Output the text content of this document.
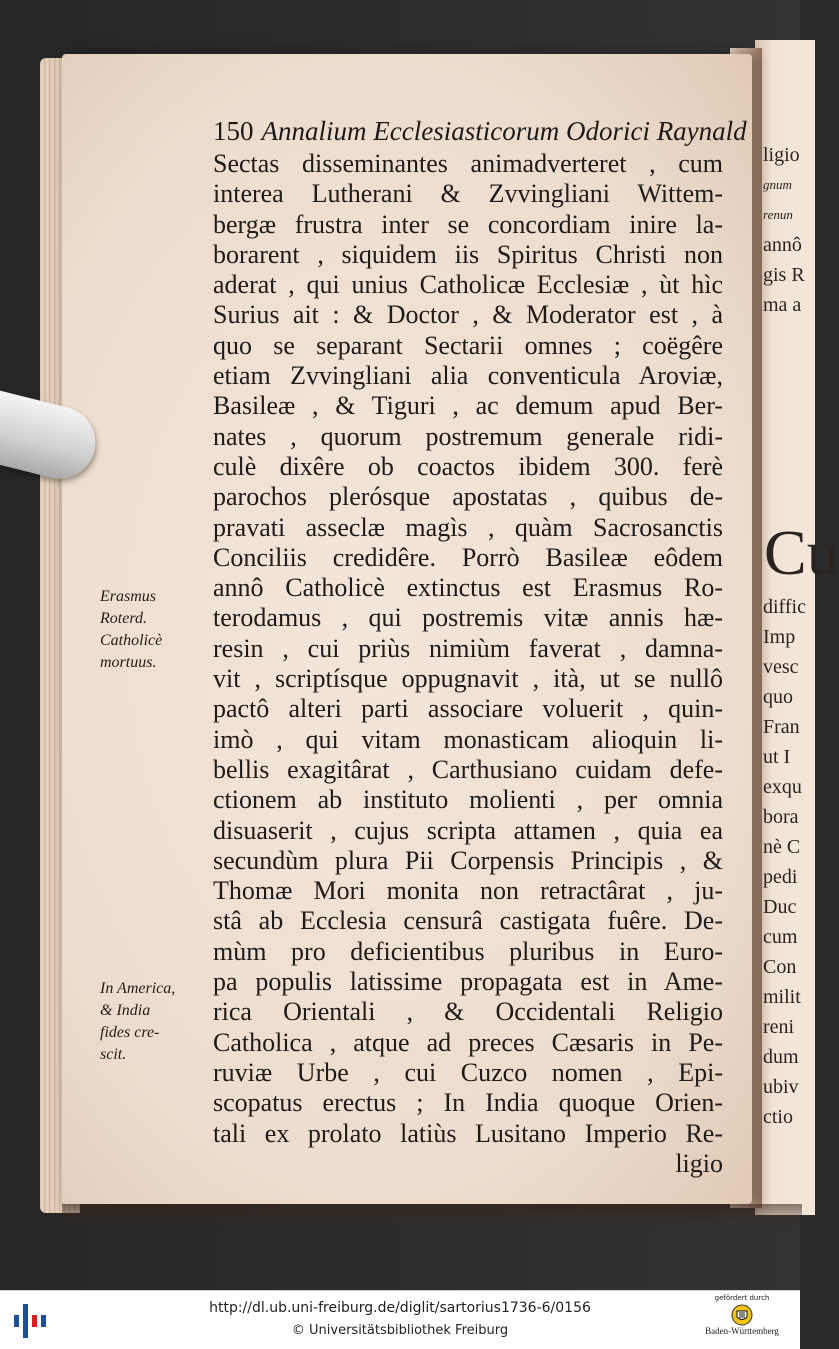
150 Annalium Ecclesiasticorum Odorici Raynald
Sectas disseminantes animadverteret , cum
interea Lutherani & Zvvingliani Wittem-
bergæ frustra inter se concordiam inire la-
borarent , siquidem iis Spiritus Christi non
aderat , qui unius Catholicæ Ecclesiæ , ùt hìc
Surius ait : & Doctor , & Moderator est , à
quo se separant Sectarii omnes ; coëgêre
etiam Zvvingliani alia conventicula Aroviæ,
Basileæ , & Tiguri , ac demum apud Ber-
nates , quorum postremum generale ridi-
culè dixêre ob coactos ibidem 300. ferè
parochos plerósque apostatas , quibus de-
pravati asseclæ magìs , quàm Sacrosanctis
Conciliis credidêre. Porrò Basileæ eôdem
annô Catholicè extinctus est Erasmus Ro-
terodamus , qui postremis vitæ annis hæ-
resin , cui priùs nimiùm faverat , damna-
vit , scriptísque oppugnavit , ità, ut se nullô
pactô alteri parti associare voluerit , quin-
imò , qui vitam monasticam alioquin li-
bellis exagitârat , Carthusiano cuidam defe-
ctionem ab instituto molienti , per omnia
disuaserit , cujus scripta attamen , quia ea
secundùm plura Pii Corpensis Principis , &
Thomæ Mori monita non retractârat , ju-
stâ ab Ecclesia censurâ castigata fuêre. De-
mùm pro deficientibus pluribus in Euro-
pa populis latissime propagata est in Ame-
rica Orientali , & Occidentali Religio
Catholica , atque ad preces Cæsaris in Pe-
ruviæ Urbe , cui Cuzco nomen , Epi-
scopatus erectus ; In India quoque Orien-
tali ex prolato latiùs Lusitano Imperio Re-
ligio
Erasmus
Roterd.
Catholicè
mortuus.
In America,
& India
fides cre-
scit.
ligio
gnum
renun
annô
gis R
ma a
Cu
diffic
Imp
vesc
quo
Fran
ut I
exqu
bora
nè C
pedi
Duc
cum
Con
milit
reni
dum
ubiv
ctio
http://dl.ub.uni-freiburg.de/diglit/sartorius1736-6/0156
© Universitätsbibliothek Freiburg
gefördert durch
Baden-Württemberg
